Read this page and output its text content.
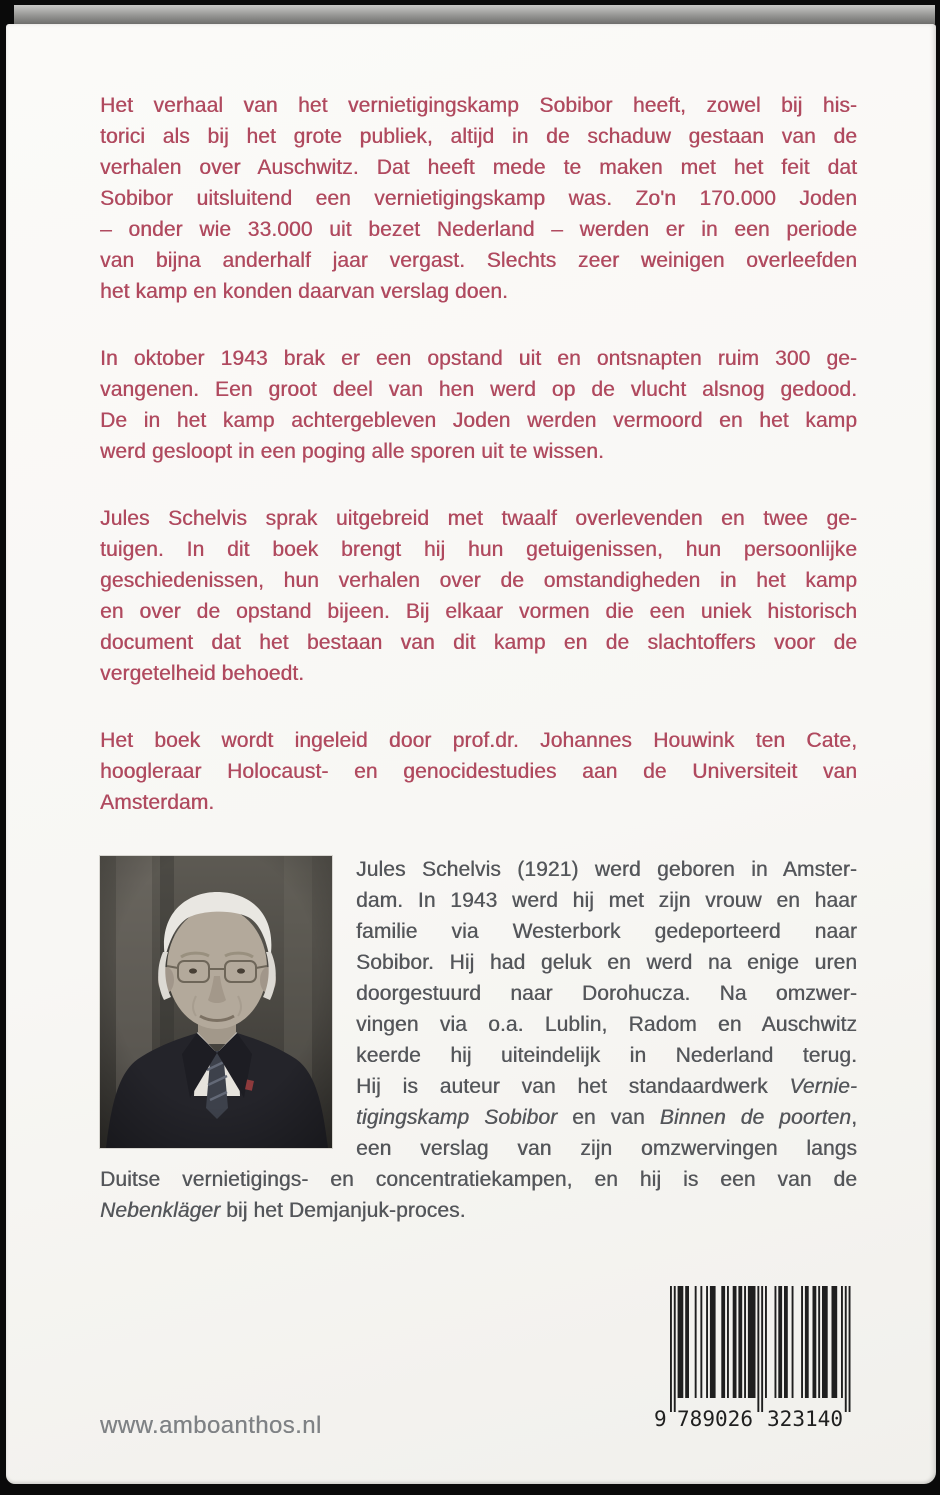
Het verhaal van het vernietigingskamp Sobibor heeft, zowel bij his-
torici als bij het grote publiek, altijd in de schaduw gestaan van de
verhalen over Auschwitz. Dat heeft mede te maken met het feit dat
Sobibor uitsluitend een vernietigingskamp was. Zo'n 170.000 Joden
– onder wie 33.000 uit bezet Nederland – werden er in een periode
van bijna anderhalf jaar vergast. Slechts zeer weinigen overleefden
het kamp en konden daarvan verslag doen.
In oktober 1943 brak er een opstand uit en ontsnapten ruim 300 ge-
vangenen. Een groot deel van hen werd op de vlucht alsnog gedood.
De in het kamp achtergebleven Joden werden vermoord en het kamp
werd gesloopt in een poging alle sporen uit te wissen.
Jules Schelvis sprak uitgebreid met twaalf overlevenden en twee ge-
tuigen. In dit boek brengt hij hun getuigenissen, hun persoonlijke
geschiedenissen, hun verhalen over de omstandigheden in het kamp
en over de opstand bijeen. Bij elkaar vormen die een uniek historisch
document dat het bestaan van dit kamp en de slachtoffers voor de
vergetelheid behoedt.
Het boek wordt ingeleid door prof.dr. Johannes Houwink ten Cate,
hoogleraar Holocaust- en genocidestudies aan de Universiteit van
Amsterdam.
Jules Schelvis (1921) werd geboren in Amster-
dam. In 1943 werd hij met zijn vrouw en haar
familie via Westerbork gedeporteerd naar
Sobibor. Hij had geluk en werd na enige uren
doorgestuurd naar Dorohucza. Na omzwer-
vingen via o.a. Lublin, Radom en Auschwitz
keerde hij uiteindelijk in Nederland terug.
Hij is auteur van het standaardwerk Vernie-
tigingskamp Sobibor en van Binnen de poorten,
een verslag van zijn omzwervingen langs
Duitse vernietigings- en concentratiekampen, en hij is een van de
Nebenkläger bij het Demjanjuk-proces.
www.amboanthos.nl	9 789026 323140
